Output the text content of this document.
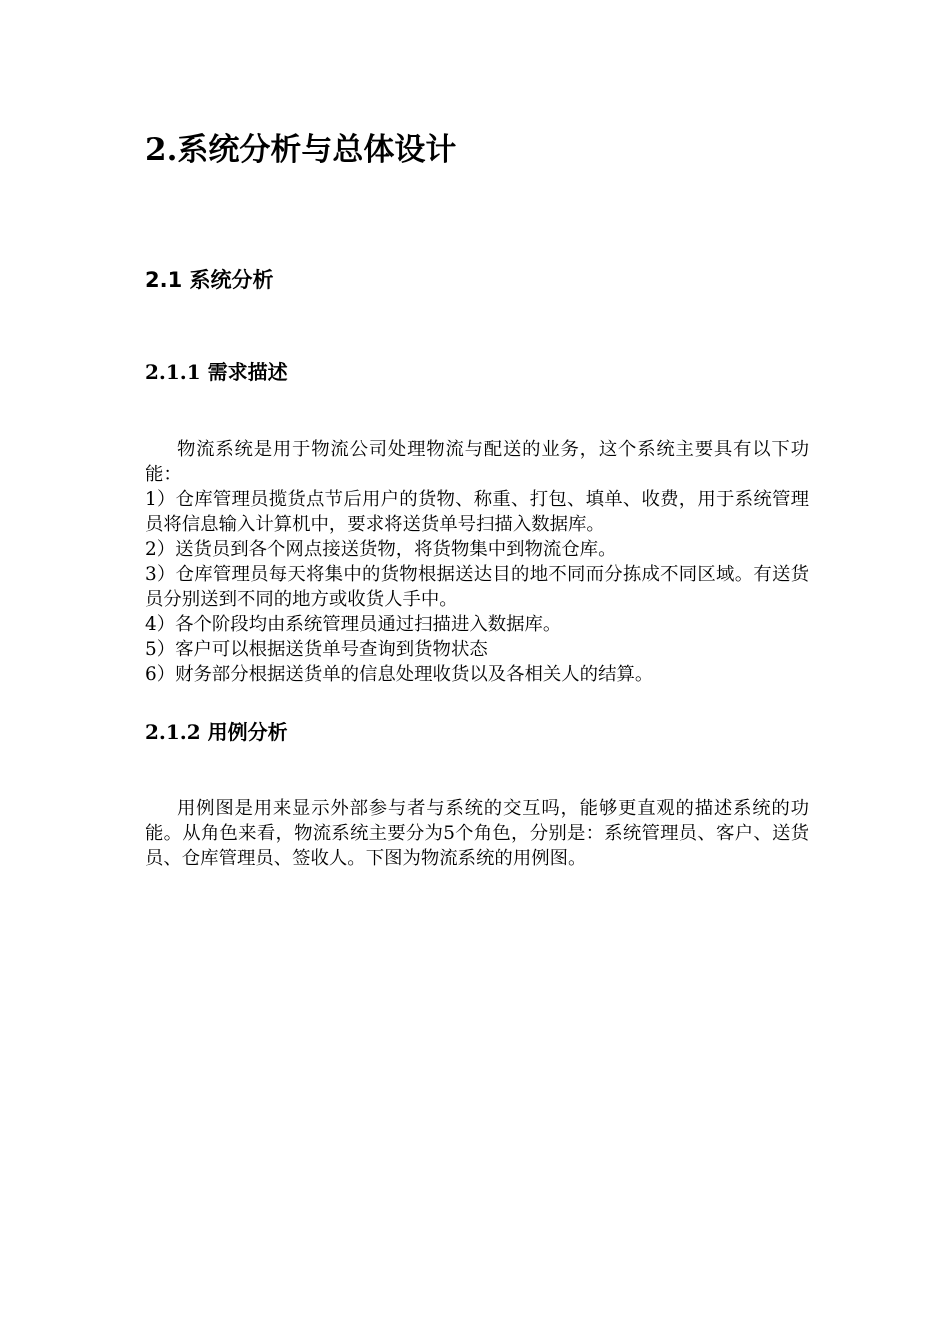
2.系统分析与总体设计
2.1 系统分析
2.1.1 需求描述

物流系统是用于物流公司处理物流与配送的业务，这个系统主要具有以下功能：

1）仓库管理员揽货点节后用户的货物、称重、打包、填单、收费，用于系统管理员将信息输入计算机中，要求将送货单号扫描入数据库。

2）送货员到各个网点接送货物，将货物集中到物流仓库。

3）仓库管理员每天将集中的货物根据送达目的地不同而分拣成不同区域。有送货员分别送到不同的地方或收货人手中。

4）各个阶段均由系统管理员通过扫描进入数据库。

5）客户可以根据送货单号查询到货物状态

6）财务部分根据送货单的信息处理收货以及各相关人的结算。

2.1.2 用例分析

用例图是用来显示外部参与者与系统的交互吗，能够更直观的描述系统的功能。从角色来看，物流系统主要分为5个角色，分别是：系统管理员、客户、送货员、仓库管理员、签收人。下图为物流系统的用例图。
